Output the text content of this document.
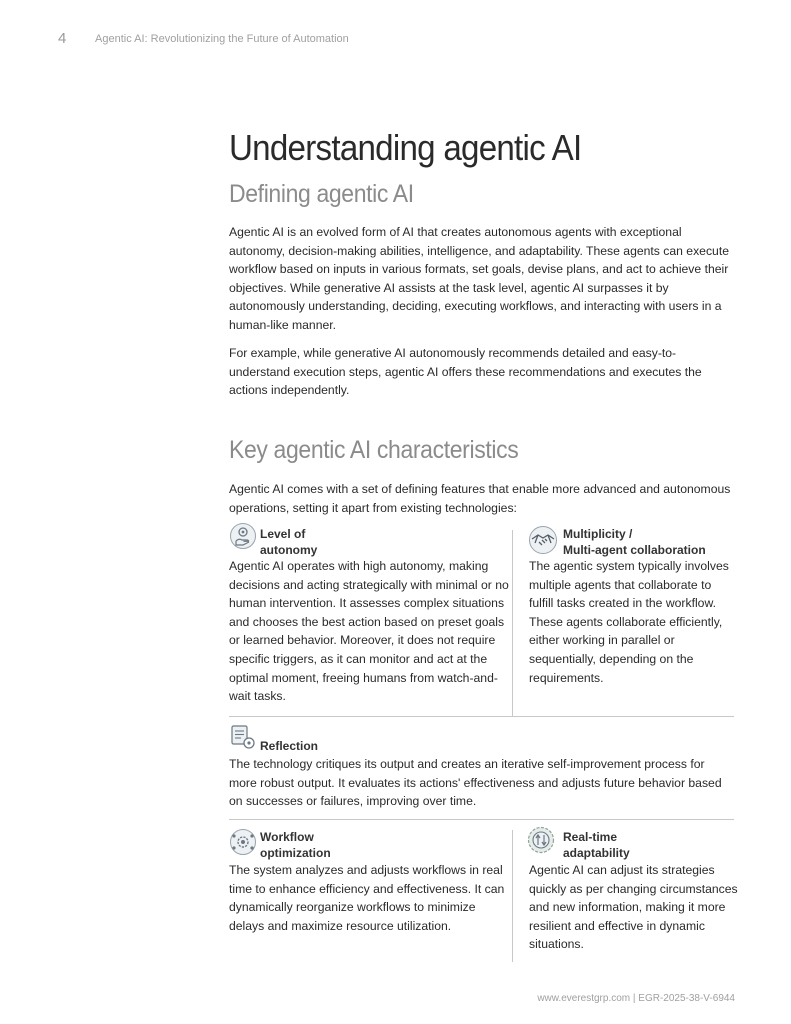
4	Agentic AI: Revolutionizing the Future of Automation
Understanding agentic AI
Defining agentic AI

Agentic AI is an evolved form of AI that creates autonomous agents with exceptional autonomy, decision-making abilities, intelligence, and adaptability. These agents can execute workflow based on inputs in various formats, set goals, devise plans, and act to achieve their objectives. While generative AI assists at the task level, agentic AI surpasses it by autonomously understanding, deciding, executing workflows, and interacting with users in a human-like manner.

For example, while generative AI autonomously recommends detailed and easy-to-understand execution steps, agentic AI offers these recommendations and executes the actions independently.

Key agentic AI characteristics

Agentic AI comes with a set of defining features that enable more advanced and autonomous operations, setting it apart from existing technologies:

Level of
autonomy

Agentic AI operates with high autonomy, making decisions and acting strategically with minimal or no human intervention. It assesses complex situations and chooses the best action based on preset goals or learned behavior. Moreover, it does not require specific triggers, as it can monitor and act at the optimal moment, freeing humans from watch-and-wait tasks.

Multiplicity /
Multi-agent collaboration

The agentic system typically involves multiple agents that collaborate to fulfill tasks created in the workflow. These agents collaborate efficiently, either working in parallel or sequentially, depending on the requirements.

Reflection

The technology critiques its output and creates an iterative self-improvement process for more robust output. It evaluates its actions' effectiveness and adjusts future behavior based on successes or failures, improving over time.

Workflow
optimization

The system analyzes and adjusts workflows in real time to enhance efficiency and effectiveness. It can dynamically reorganize workflows to minimize delays and maximize resource utilization.

Real-time
adaptability

Agentic AI can adjust its strategies quickly as per changing circumstances and new information, making it more resilient and effective in dynamic situations.

www.everestgrp.com | EGR-2025-38-V-6944
